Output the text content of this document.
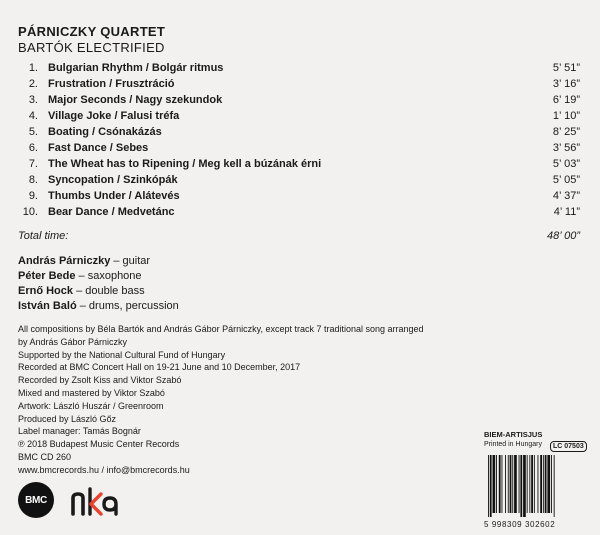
PÁRNICZKY QUARTET

BARTÓK ELECTRIFIED

1. Bulgarian Rhythm / Bolgár ritmus	5’ 51”
2. Frustration / Frusztráció	3’ 16”
3. Major Seconds / Nagy szekundok	6’ 19”
4. Village Joke / Falusi tréfa	1’ 10”
5. Boating / Csónakázás	8’ 25”
6. Fast Dance / Sebes	3’ 56”
7. The Wheat has to Ripening / Meg kell a búzának érni	5’ 03”
8. Syncopation / Szinkópák	5’ 05”
9. Thumbs Under / Alátevés	4’ 37”
10. Bear Dance / Medvetánc	4’ 11”
Total time:	48’ 00”
András Párniczky – guitar
Péter Bede – saxophone
Ernő Hock – double bass
István Baló – drums, percussion
All compositions by Béla Bartók and András Gábor Párniczky, except track 7 traditional song arranged
by András Gábor Párniczky
Supported by the National Cultural Fund of Hungary
Recorded at BMC Concert Hall on 19-21 June and 10 December, 2017
Recorded by Zsolt Kiss and Viktor Szabó
Mixed and mastered by Viktor Szabó
Artwork: László Huszár / Greenroom
Produced by László Gőz
Label manager: Tamás Bognár
℗ 2018 Budapest Music Center Records
BMC CD 260
www.bmcrecords.hu / info@bmcrecords.hu
BMC
BIEM-ARTISJUS
Printed in Hungary	LC 07503
5 998309 302602
